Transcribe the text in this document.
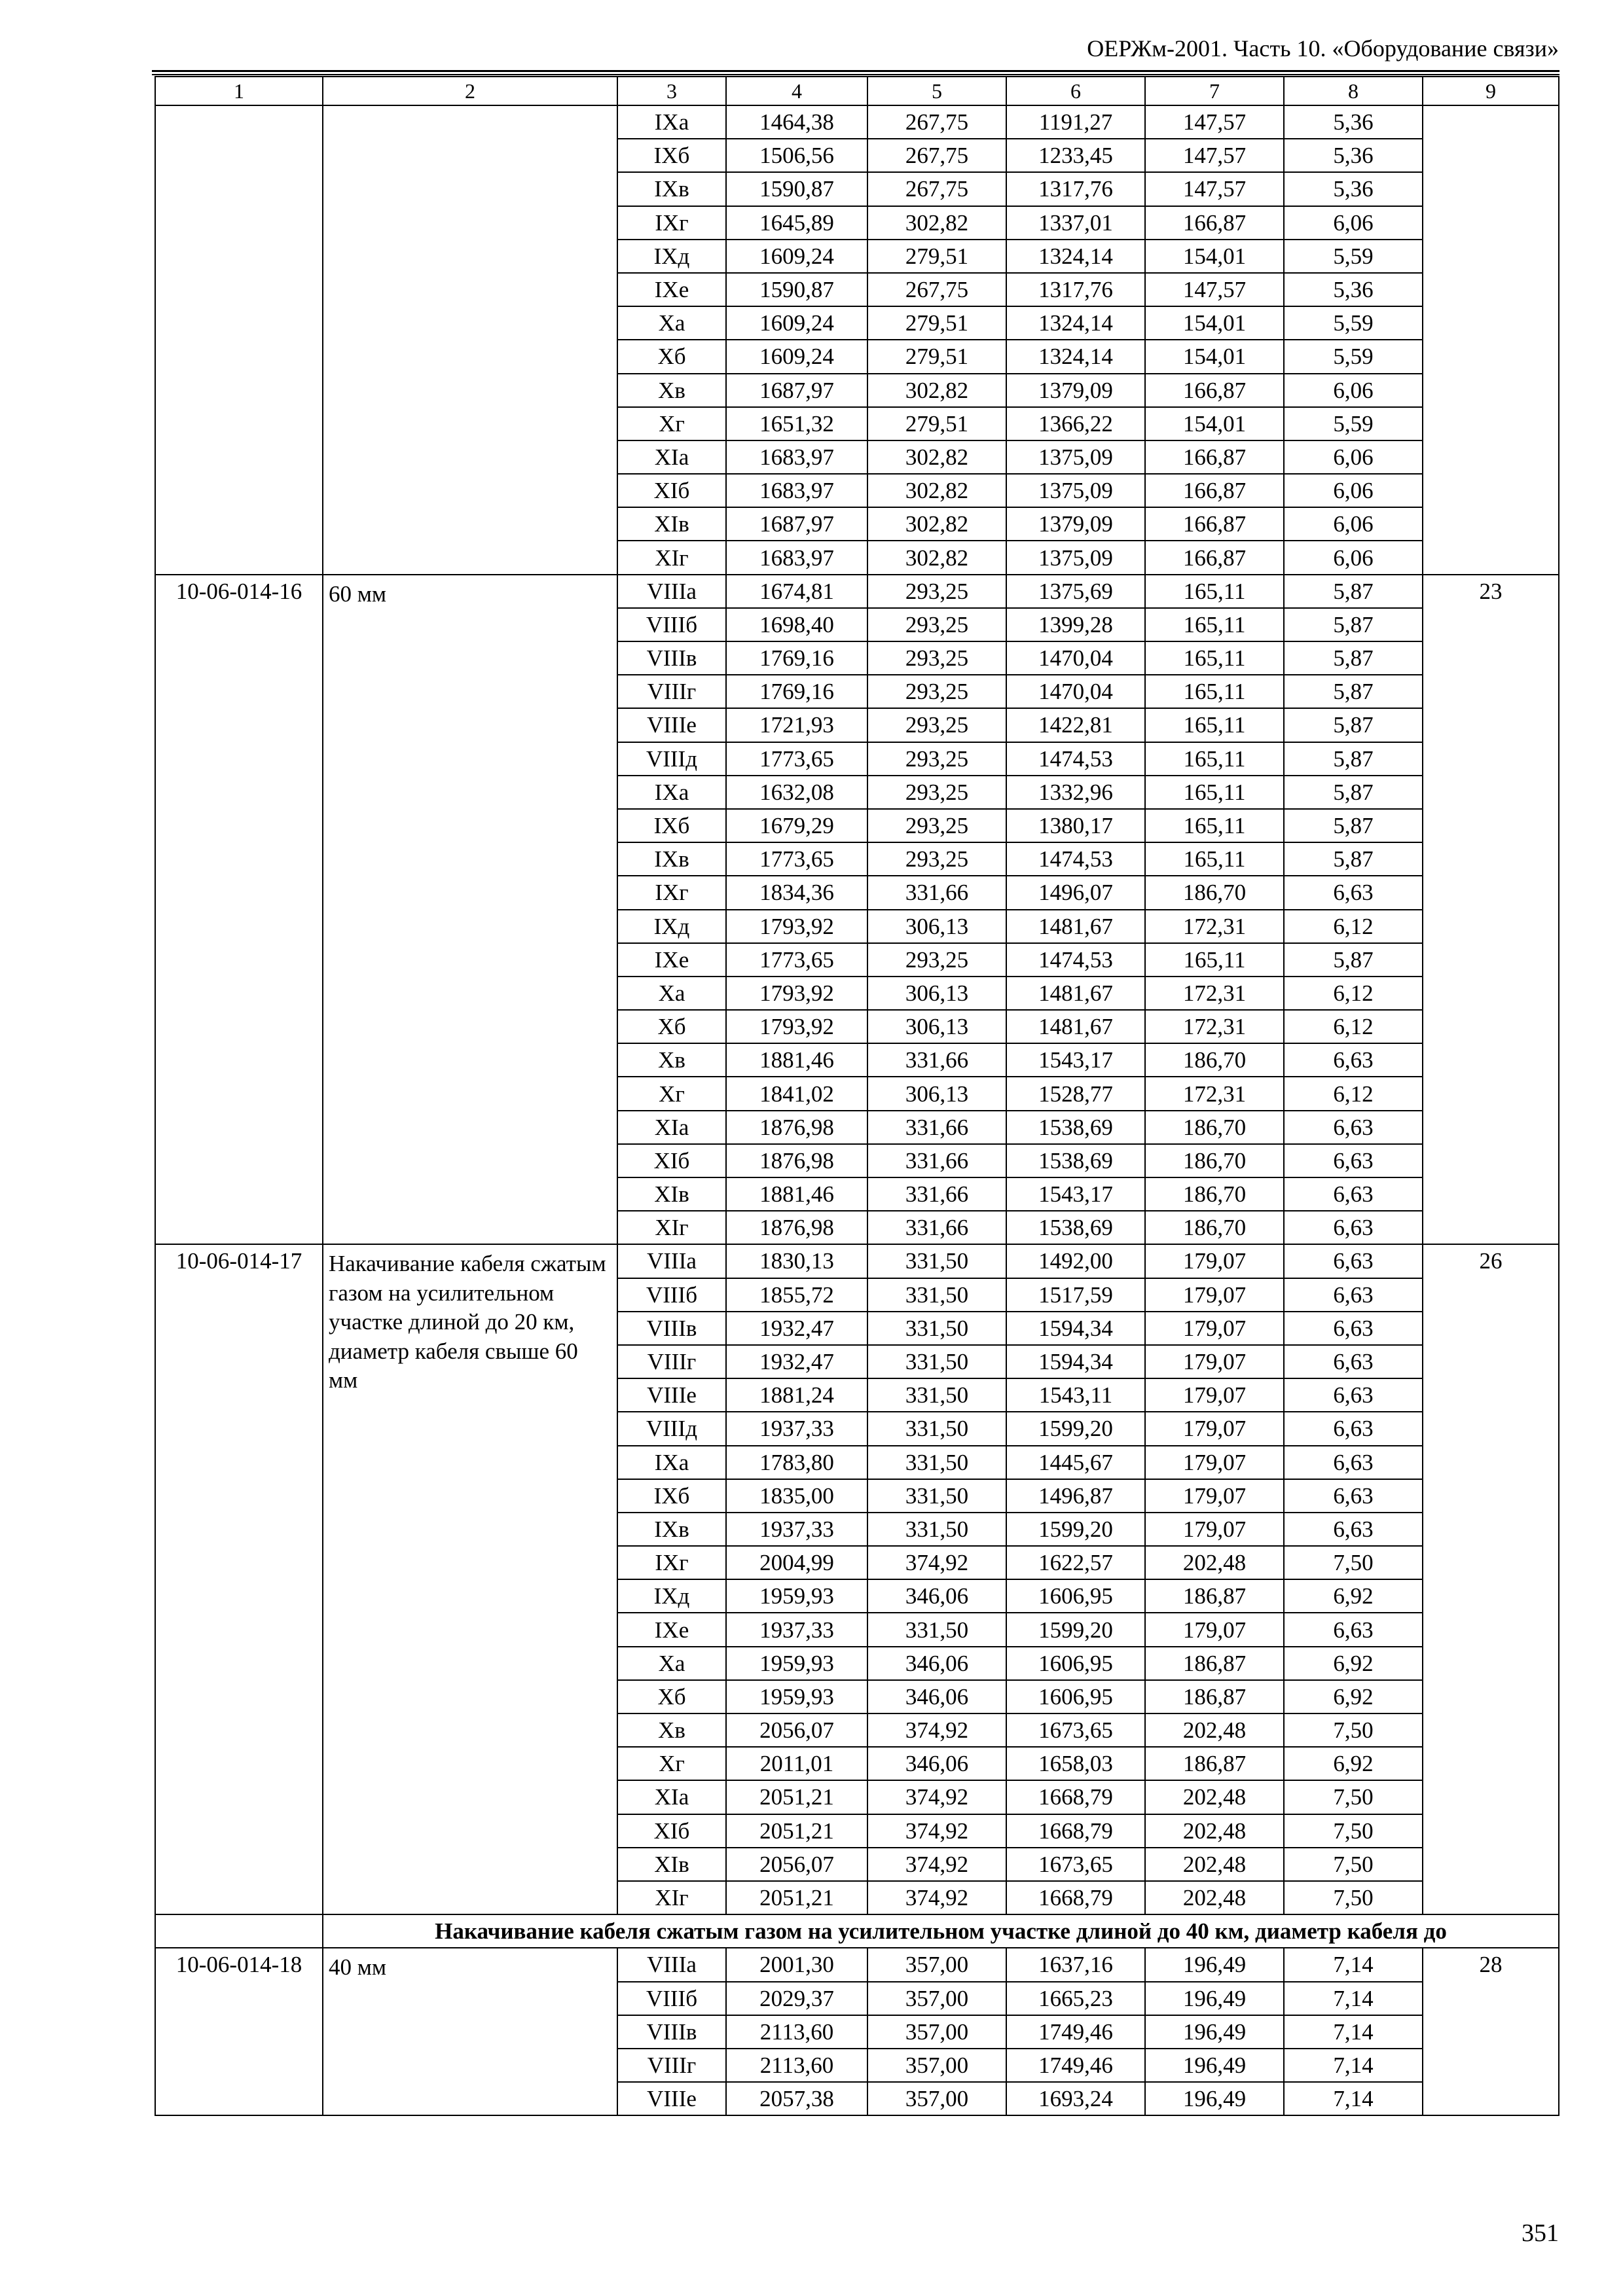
ОЕРЖм-2001. Часть 10. «Оборудование связи»
1	2	3	4	5	6	7	8	9
		IXа	1464,38	267,75	1191,27	147,57	5,36	
		IXб	1506,56	267,75	1233,45	147,57	5,36	
		IXв	1590,87	267,75	1317,76	147,57	5,36	
		IXг	1645,89	302,82	1337,01	166,87	6,06	
		IXд	1609,24	279,51	1324,14	154,01	5,59	
		IXе	1590,87	267,75	1317,76	147,57	5,36	
		Xа	1609,24	279,51	1324,14	154,01	5,59	
		Xб	1609,24	279,51	1324,14	154,01	5,59	
		Xв	1687,97	302,82	1379,09	166,87	6,06	
		Xг	1651,32	279,51	1366,22	154,01	5,59	
		XIа	1683,97	302,82	1375,09	166,87	6,06	
		XIб	1683,97	302,82	1375,09	166,87	6,06	
		XIв	1687,97	302,82	1379,09	166,87	6,06	
		XIг	1683,97	302,82	1375,09	166,87	6,06	
10-06-014-16	60 мм	VIIIа	1674,81	293,25	1375,69	165,11	5,87	23
		VIIIб	1698,40	293,25	1399,28	165,11	5,87	
		VIIIв	1769,16	293,25	1470,04	165,11	5,87	
		VIIIг	1769,16	293,25	1470,04	165,11	5,87	
		VIIIе	1721,93	293,25	1422,81	165,11	5,87	
		VIIIд	1773,65	293,25	1474,53	165,11	5,87	
		IXа	1632,08	293,25	1332,96	165,11	5,87	
		IXб	1679,29	293,25	1380,17	165,11	5,87	
		IXв	1773,65	293,25	1474,53	165,11	5,87	
		IXг	1834,36	331,66	1496,07	186,70	6,63	
		IXд	1793,92	306,13	1481,67	172,31	6,12	
		IXе	1773,65	293,25	1474,53	165,11	5,87	
		Xа	1793,92	306,13	1481,67	172,31	6,12	
		Xб	1793,92	306,13	1481,67	172,31	6,12	
		Xв	1881,46	331,66	1543,17	186,70	6,63	
		Xг	1841,02	306,13	1528,77	172,31	6,12	
		XIа	1876,98	331,66	1538,69	186,70	6,63	
		XIб	1876,98	331,66	1538,69	186,70	6,63	
		XIв	1881,46	331,66	1543,17	186,70	6,63	
		XIг	1876,98	331,66	1538,69	186,70	6,63	
10-06-014-17	Накачивание кабеля сжатым газом на усилительном участке длиной до 20 км, диаметр кабеля свыше 60 мм	VIIIа	1830,13	331,50	1492,00	179,07	6,63	26
		VIIIб	1855,72	331,50	1517,59	179,07	6,63	
		VIIIв	1932,47	331,50	1594,34	179,07	6,63	
		VIIIг	1932,47	331,50	1594,34	179,07	6,63	
		VIIIе	1881,24	331,50	1543,11	179,07	6,63	
		VIIIд	1937,33	331,50	1599,20	179,07	6,63	
		IXа	1783,80	331,50	1445,67	179,07	6,63	
		IXб	1835,00	331,50	1496,87	179,07	6,63	
		IXв	1937,33	331,50	1599,20	179,07	6,63	
		IXг	2004,99	374,92	1622,57	202,48	7,50	
		IXд	1959,93	346,06	1606,95	186,87	6,92	
		IXе	1937,33	331,50	1599,20	179,07	6,63	
		Xа	1959,93	346,06	1606,95	186,87	6,92	
		Xб	1959,93	346,06	1606,95	186,87	6,92	
		Xв	2056,07	374,92	1673,65	202,48	7,50	
		Xг	2011,01	346,06	1658,03	186,87	6,92	
		XIа	2051,21	374,92	1668,79	202,48	7,50	
		XIб	2051,21	374,92	1668,79	202,48	7,50	
		XIв	2056,07	374,92	1673,65	202,48	7,50	
		XIг	2051,21	374,92	1668,79	202,48	7,50	
	Накачивание кабеля сжатым газом на усилительном участке длиной до 40 км, диаметр кабеля до							
10-06-014-18	40 мм	VIIIа	2001,30	357,00	1637,16	196,49	7,14	28
		VIIIб	2029,37	357,00	1665,23	196,49	7,14	
		VIIIв	2113,60	357,00	1749,46	196,49	7,14	
		VIIIг	2113,60	357,00	1749,46	196,49	7,14	
		VIIIе	2057,38	357,00	1693,24	196,49	7,14	
351
